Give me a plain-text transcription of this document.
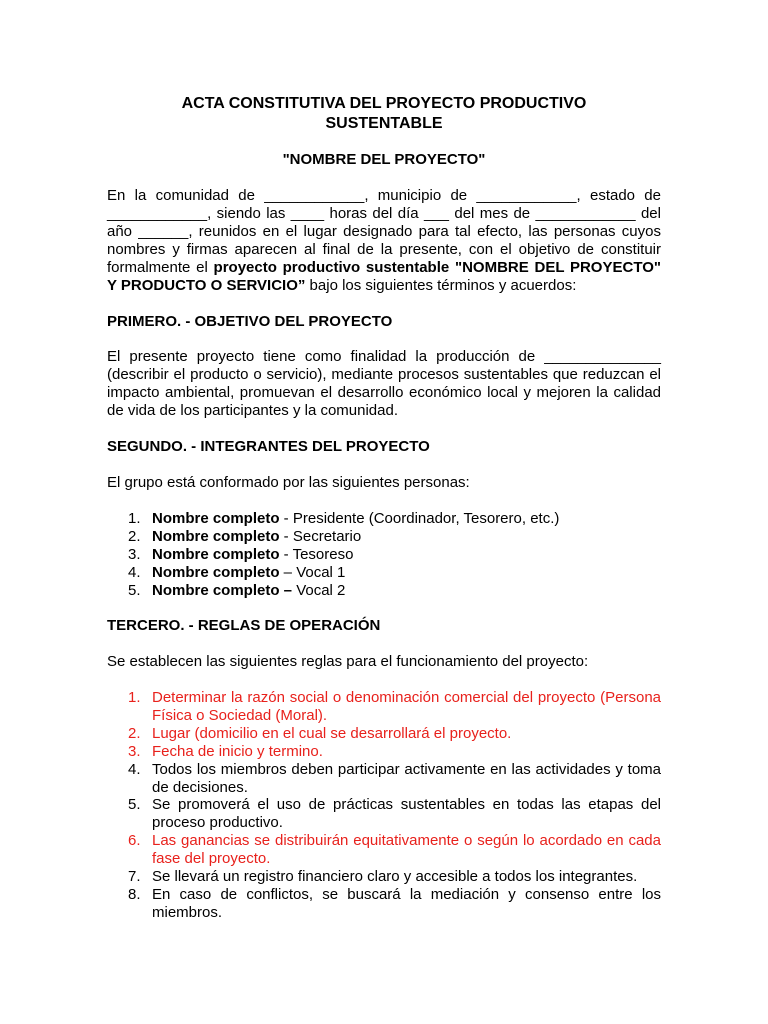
ACTA CONSTITUTIVA DEL PROYECTO PRODUCTIVO
SUSTENTABLE

"NOMBRE DEL PROYECTO"

En la comunidad de ____________, municipio de ____________, estado de ____________, siendo las ____ horas del día ___ del mes de ____________ del año ______, reunidos en el lugar designado para tal efecto, las personas cuyos nombres y firmas aparecen al final de la presente, con el objetivo de constituir formalmente el proyecto productivo sustentable "NOMBRE DEL PROYECTO" Y PRODUCTO O SERVICIO” bajo los siguientes términos y acuerdos:

PRIMERO. - OBJETIVO DEL PROYECTO

El presente proyecto tiene como finalidad la producción de ______________ (describir el producto o servicio), mediante procesos sustentables que reduzcan el impacto ambiental, promuevan el desarrollo económico local y mejoren la calidad de vida de los participantes y la comunidad.

SEGUNDO. - INTEGRANTES DEL PROYECTO

El grupo está conformado por las siguientes personas:

1. Nombre completo - Presidente (Coordinador, Tesorero, etc.)
2. Nombre completo - Secretario
3. Nombre completo - Tesoreso
4. Nombre completo – Vocal 1
5. Nombre completo – Vocal 2

TERCERO. - REGLAS DE OPERACIÓN

Se establecen las siguientes reglas para el funcionamiento del proyecto:

1. Determinar la razón social o denominación comercial del proyecto (Persona Física o Sociedad (Moral).
2. Lugar (domicilio en el cual se desarrollará el proyecto.
3. Fecha de inicio y termino.
4. Todos los miembros deben participar activamente en las actividades y toma de decisiones.
5. Se promoverá el uso de prácticas sustentables en todas las etapas del proceso productivo.
6. Las ganancias se distribuirán equitativamente o según lo acordado en cada fase del proyecto.
7. Se llevará un registro financiero claro y accesible a todos los integrantes.
8. En caso de conflictos, se buscará la mediación y consenso entre los miembros.
